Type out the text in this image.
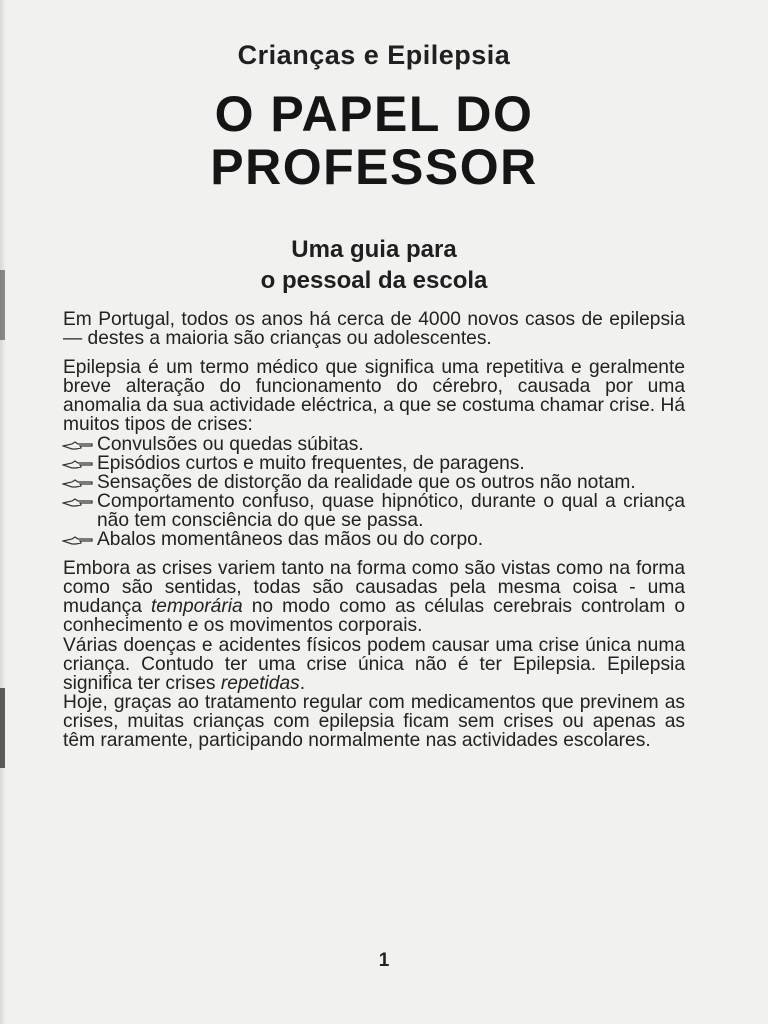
Crianças e Epilepsia
O PAPEL DO
PROFESSOR
Uma guia para
o pessoal da escola

Em Portugal, todos os anos há cerca de 4000 novos casos de epilepsia — destes a maioria são crianças ou adolescentes.

Epilepsia é um termo médico que significa uma repetitiva e geralmente breve alteração do funcionamento do cérebro, causada por uma anomalia da sua actividade eléctrica, a que se costuma chamar crise. Há muitos tipos de crises:

Convulsões ou quedas súbitas.
Episódios curtos e muito frequentes, de paragens.
Sensações de distorção da realidade que os outros não notam.
Comportamento confuso, quase hipnótico, durante o qual a criança não tem consciência do que se passa.
Abalos momentâneos das mãos ou do corpo.

Embora as crises variem tanto na forma como são vistas como na forma como são sentidas, todas são causadas pela mesma coisa - uma mudança temporária no modo como as células cerebrais controlam o conhecimento e os movimentos corporais.

Várias doenças e acidentes físicos podem causar uma crise única numa criança. Contudo ter uma crise única não é ter Epilepsia. Epilepsia significa ter crises repetidas.

Hoje, graças ao tratamento regular com medicamentos que previnem as crises, muitas crianças com epilepsia ficam sem crises ou apenas as têm raramente, participando normalmente nas actividades escolares.

1
